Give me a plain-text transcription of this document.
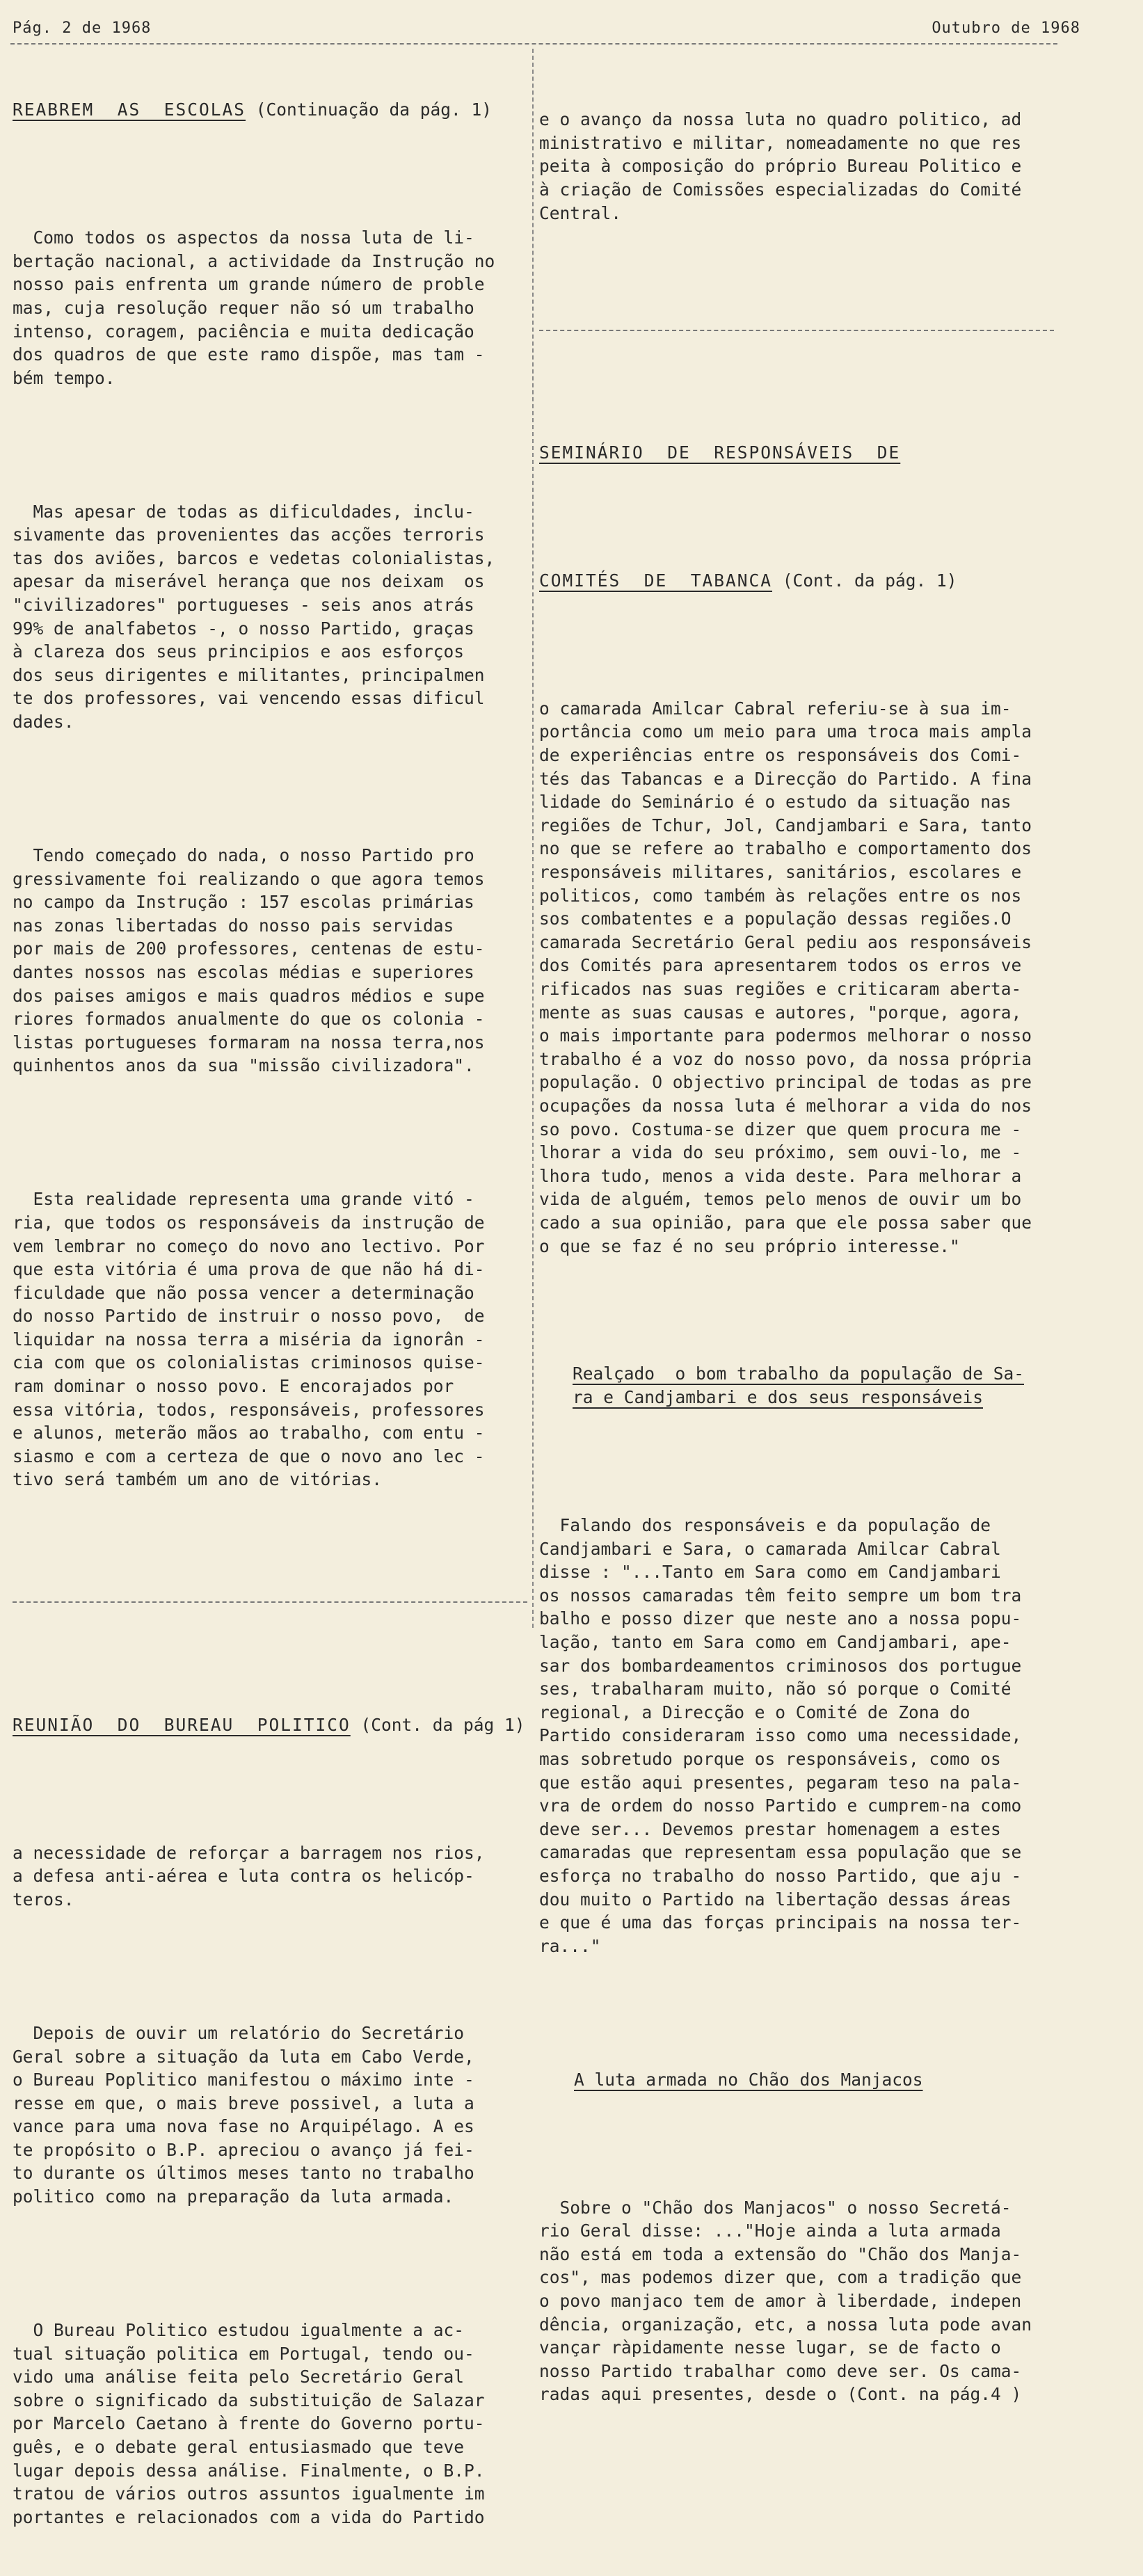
Pág. 2 de 1968	Outubro de 1968

REABREM  AS  ESCOLAS (Continuação da pág. 1)

Como todos os aspectos da nossa luta de li-
bertação nacional, a actividade da Instrução no
nosso pais enfrenta um grande número de proble
mas, cuja resolução requer não só um trabalho
intenso, coragem, paciência e muita dedicação
dos quadros de que este ramo dispõe, mas tam -
bém tempo.

Mas apesar de todas as dificuldades, inclu-
sivamente das provenientes das acções terroris
tas dos aviões, barcos e vedetas colonialistas,
apesar da miserável herança que nos deixam  os
"civilizadores" portugueses - seis anos atrás
99% de analfabetos -, o nosso Partido, graças
à clareza dos seus principios e aos esforços
dos seus dirigentes e militantes, principalmen
te dos professores, vai vencendo essas dificul
dades.

Tendo começado do nada, o nosso Partido pro
gressivamente foi realizando o que agora temos
no campo da Instrução : 157 escolas primárias
nas zonas libertadas do nosso pais servidas
por mais de 200 professores, centenas de estu-
dantes nossos nas escolas médias e superiores
dos paises amigos e mais quadros médios e supe
riores formados anualmente do que os colonia -
listas portugueses formaram na nossa terra,nos
quinhentos anos da sua "missão civilizadora".

Esta realidade representa uma grande vitó -
ria, que todos os responsáveis da instrução de
vem lembrar no começo do novo ano lectivo. Por
que esta vitória é uma prova de que não há di-
ficuldade que não possa vencer a determinação
do nosso Partido de instruir o nosso povo,  de
liquidar na nossa terra a miséria da ignorân -
cia com que os colonialistas criminosos quise-
ram dominar o nosso povo. E encorajados por
essa vitória, todos, responsáveis, professores
e alunos, meterão mãos ao trabalho, com entu -
siasmo e com a certeza de que o novo ano lec -
tivo será também um ano de vitórias.

REUNIÃO  DO  BUREAU  POLITICO (Cont. da pág 1)

a necessidade de reforçar a barragem nos rios,
a defesa anti-aérea e luta contra os helicóp-
teros.

Depois de ouvir um relatório do Secretário
Geral sobre a situação da luta em Cabo Verde,
o Bureau Poplitico manifestou o máximo inte -
resse em que, o mais breve possivel, a luta a
vance para uma nova fase no Arquipélago. A es
te propósito o B.P. apreciou o avanço já fei-
to durante os últimos meses tanto no trabalho
politico como na preparação da luta armada.

O Bureau Politico estudou igualmente a ac-
tual situação politica em Portugal, tendo ou-
vido uma análise feita pelo Secretário Geral
sobre o significado da substituição de Salazar
por Marcelo Caetano à frente do Governo portu-
guês, e o debate geral entusiasmado que teve
lugar depois dessa análise. Finalmente, o B.P.
tratou de vários outros assuntos igualmente im
portantes e relacionados com a vida do Partido

e o avanço da nossa luta no quadro politico, ad
ministrativo e militar, nomeadamente no que res
peita à composição do próprio Bureau Politico e
à criação de Comissões especializadas do Comité
Central.

SEMINÁRIO  DE  RESPONSÁVEIS  DE

COMITÉS  DE  TABANCA (Cont. da pág. 1)

o camarada Amilcar Cabral referiu-se à sua im-
portância como um meio para uma troca mais ampla
de experiências entre os responsáveis dos Comi-
tés das Tabancas e a Direcção do Partido. A fina
lidade do Seminário é o estudo da situação nas
regiões de Tchur, Jol, Candjambari e Sara, tanto
no que se refere ao trabalho e comportamento dos
responsáveis militares, sanitários, escolares e
politicos, como também às relações entre os nos
sos combatentes e a população dessas regiões.O
camarada Secretário Geral pediu aos responsáveis
dos Comités para apresentarem todos os erros ve
rificados nas suas regiões e criticaram aberta-
mente as suas causas e autores, "porque, agora,
o mais importante para podermos melhorar o nosso
trabalho é a voz do nosso povo, da nossa própria
população. O objectivo principal de todas as pre
ocupações da nossa luta é melhorar a vida do nos
so povo. Costuma-se dizer que quem procura me -
lhorar a vida do seu próximo, sem ouvi-lo, me -
lhora tudo, menos a vida deste. Para melhorar a
vida de alguém, temos pelo menos de ouvir um bo
cado a sua opinião, para que ele possa saber que
o que se faz é no seu próprio interesse."

Realçado  o bom trabalho da população de Sa-
ra e Candjambari e dos seus responsáveis

Falando dos responsáveis e da população de
Candjambari e Sara, o camarada Amilcar Cabral
disse : "...Tanto em Sara como em Candjambari
os nossos camaradas têm feito sempre um bom tra
balho e posso dizer que neste ano a nossa popu-
lação, tanto em Sara como em Candjambari, ape-
sar dos bombardeamentos criminosos dos portugue
ses, trabalharam muito, não só porque o Comité
regional, a Direcção e o Comité de Zona do
Partido consideraram isso como uma necessidade,
mas sobretudo porque os responsáveis, como os
que estão aqui presentes, pegaram teso na pala-
vra de ordem do nosso Partido e cumprem-na como
deve ser... Devemos prestar homenagem a estes
camaradas que representam essa população que se
esforça no trabalho do nosso Partido, que aju -
dou muito o Partido na libertação dessas áreas
e que é uma das forças principais na nossa ter-
ra..."

A luta armada no Chão dos Manjacos

Sobre o "Chão dos Manjacos" o nosso Secretá-
rio Geral disse: ..."Hoje ainda a luta armada
não está em toda a extensão do "Chão dos Manja-
cos", mas podemos dizer que, com a tradição que
o povo manjaco tem de amor à liberdade, indepen
dência, organização, etc, a nossa luta pode avan
vançar ràpidamente nesse lugar, se de facto o
nosso Partido trabalhar como deve ser. Os cama-
radas aqui presentes, desde o (Cont. na pág.4 )
